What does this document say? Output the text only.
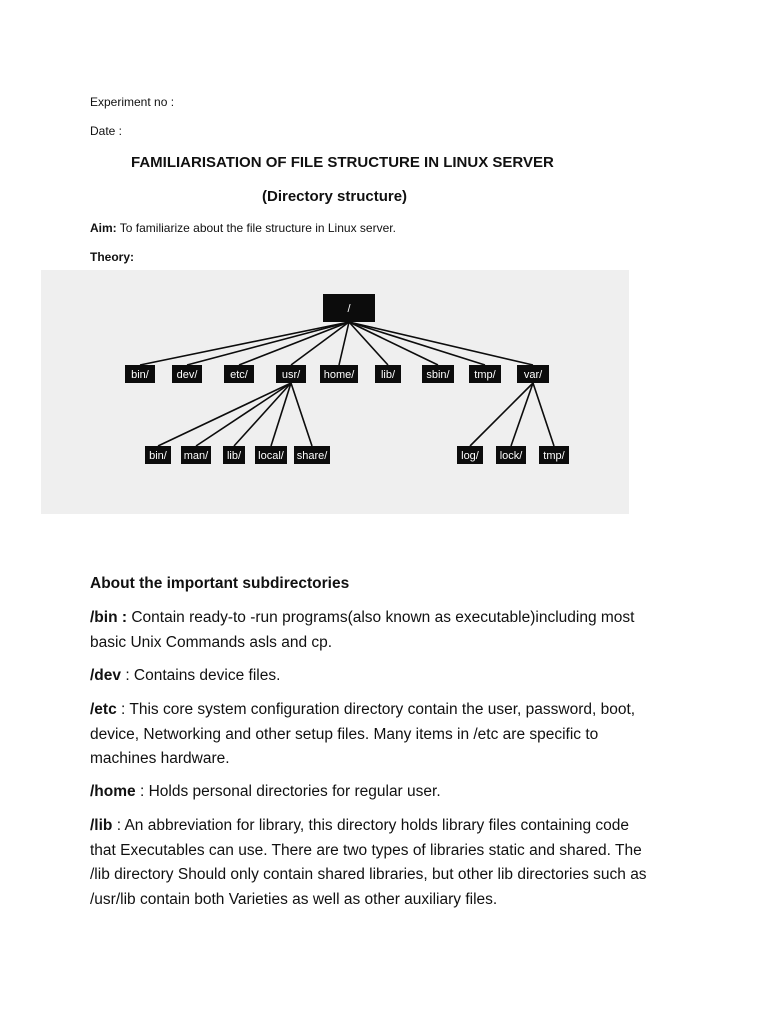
Experiment no :
Date :
FAMILIARISATION OF FILE STRUCTURE IN LINUX SERVER
(Directory structure)
Aim: To familiarize about the file structure in Linux server.
Theory:
/
bin/	dev/	etc/	usr/ home/ lib/	sbin/ tmp/	var/
bin/ man/ lib/ local/ share/	log/ lock/ tmp/
About the important subdirectories
/bin : Contain ready-to -run programs(also known as executable)including most
basic Unix Commands asls and cp.
/dev : Contains device files.
/etc : This core system configuration directory contain the user, password, boot,
device, Networking and other setup files. Many items in /etc are specific to
machines hardware.
/home : Holds personal directories for regular user.
/lib : An abbreviation for library, this directory holds library files containing code
that Executables can use. There are two types of libraries static and shared. The
/lib directory Should only contain shared libraries, but other lib directories such as
/usr/lib contain both Varieties as well as other auxiliary files.
